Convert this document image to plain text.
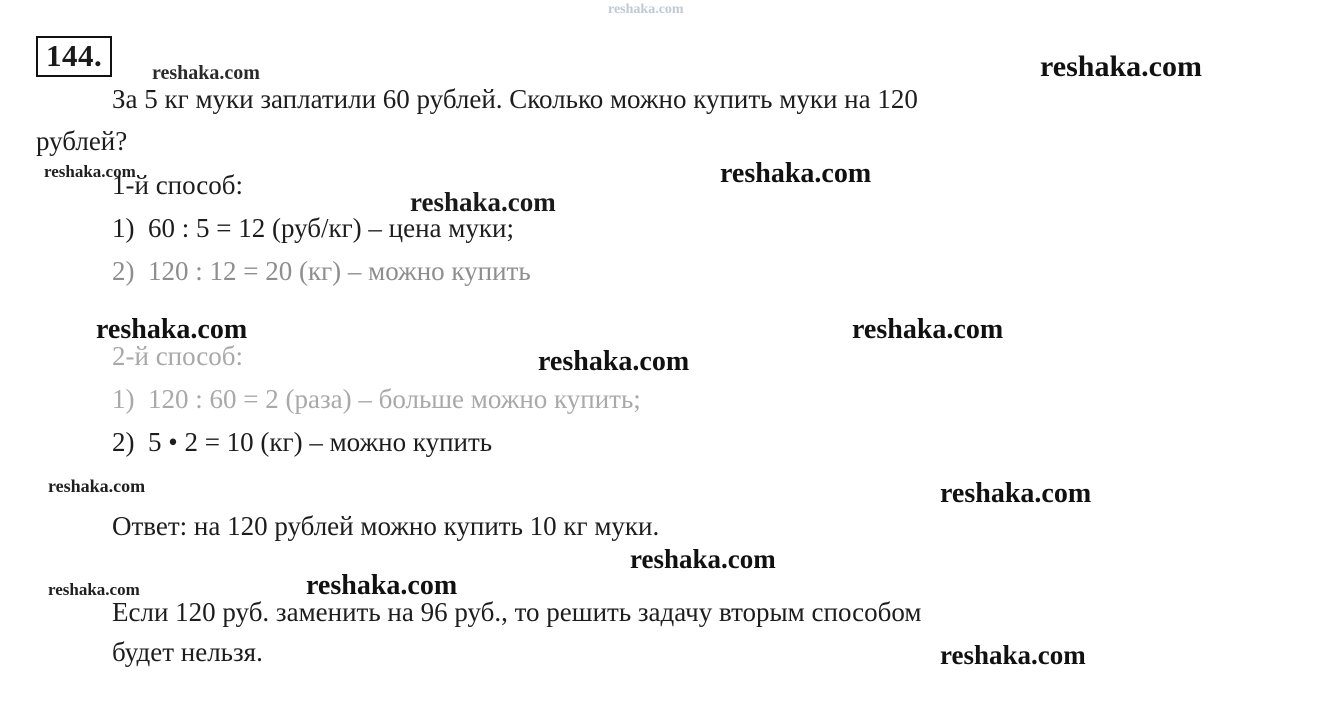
144.
За 5 кг муки заплатили 60 рублей. Сколько можно купить муки на 120
рублей?
1-й способ:
1)  60 : 5 = 12 (руб/кг) – цена муки;
2)  120 : 12 = 20 (кг) – можно купить
2-й способ:
1)  120 : 60 = 2 (раза) – больше можно купить;
2)  5 • 2 = 10 (кг) – можно купить
Ответ: на 120 рублей можно купить 10 кг муки.
Если 120 руб. заменить на 96 руб., то решить задачу вторым способом
будет нельзя.
reshaka.com
reshaka.com	reshaka.com
reshaka.com	reshaka.com
reshaka.com
reshaka.com	reshaka.com
reshaka.com
reshaka.com	reshaka.com
reshaka.com
reshaka.com	reshaka.com
reshaka.com
